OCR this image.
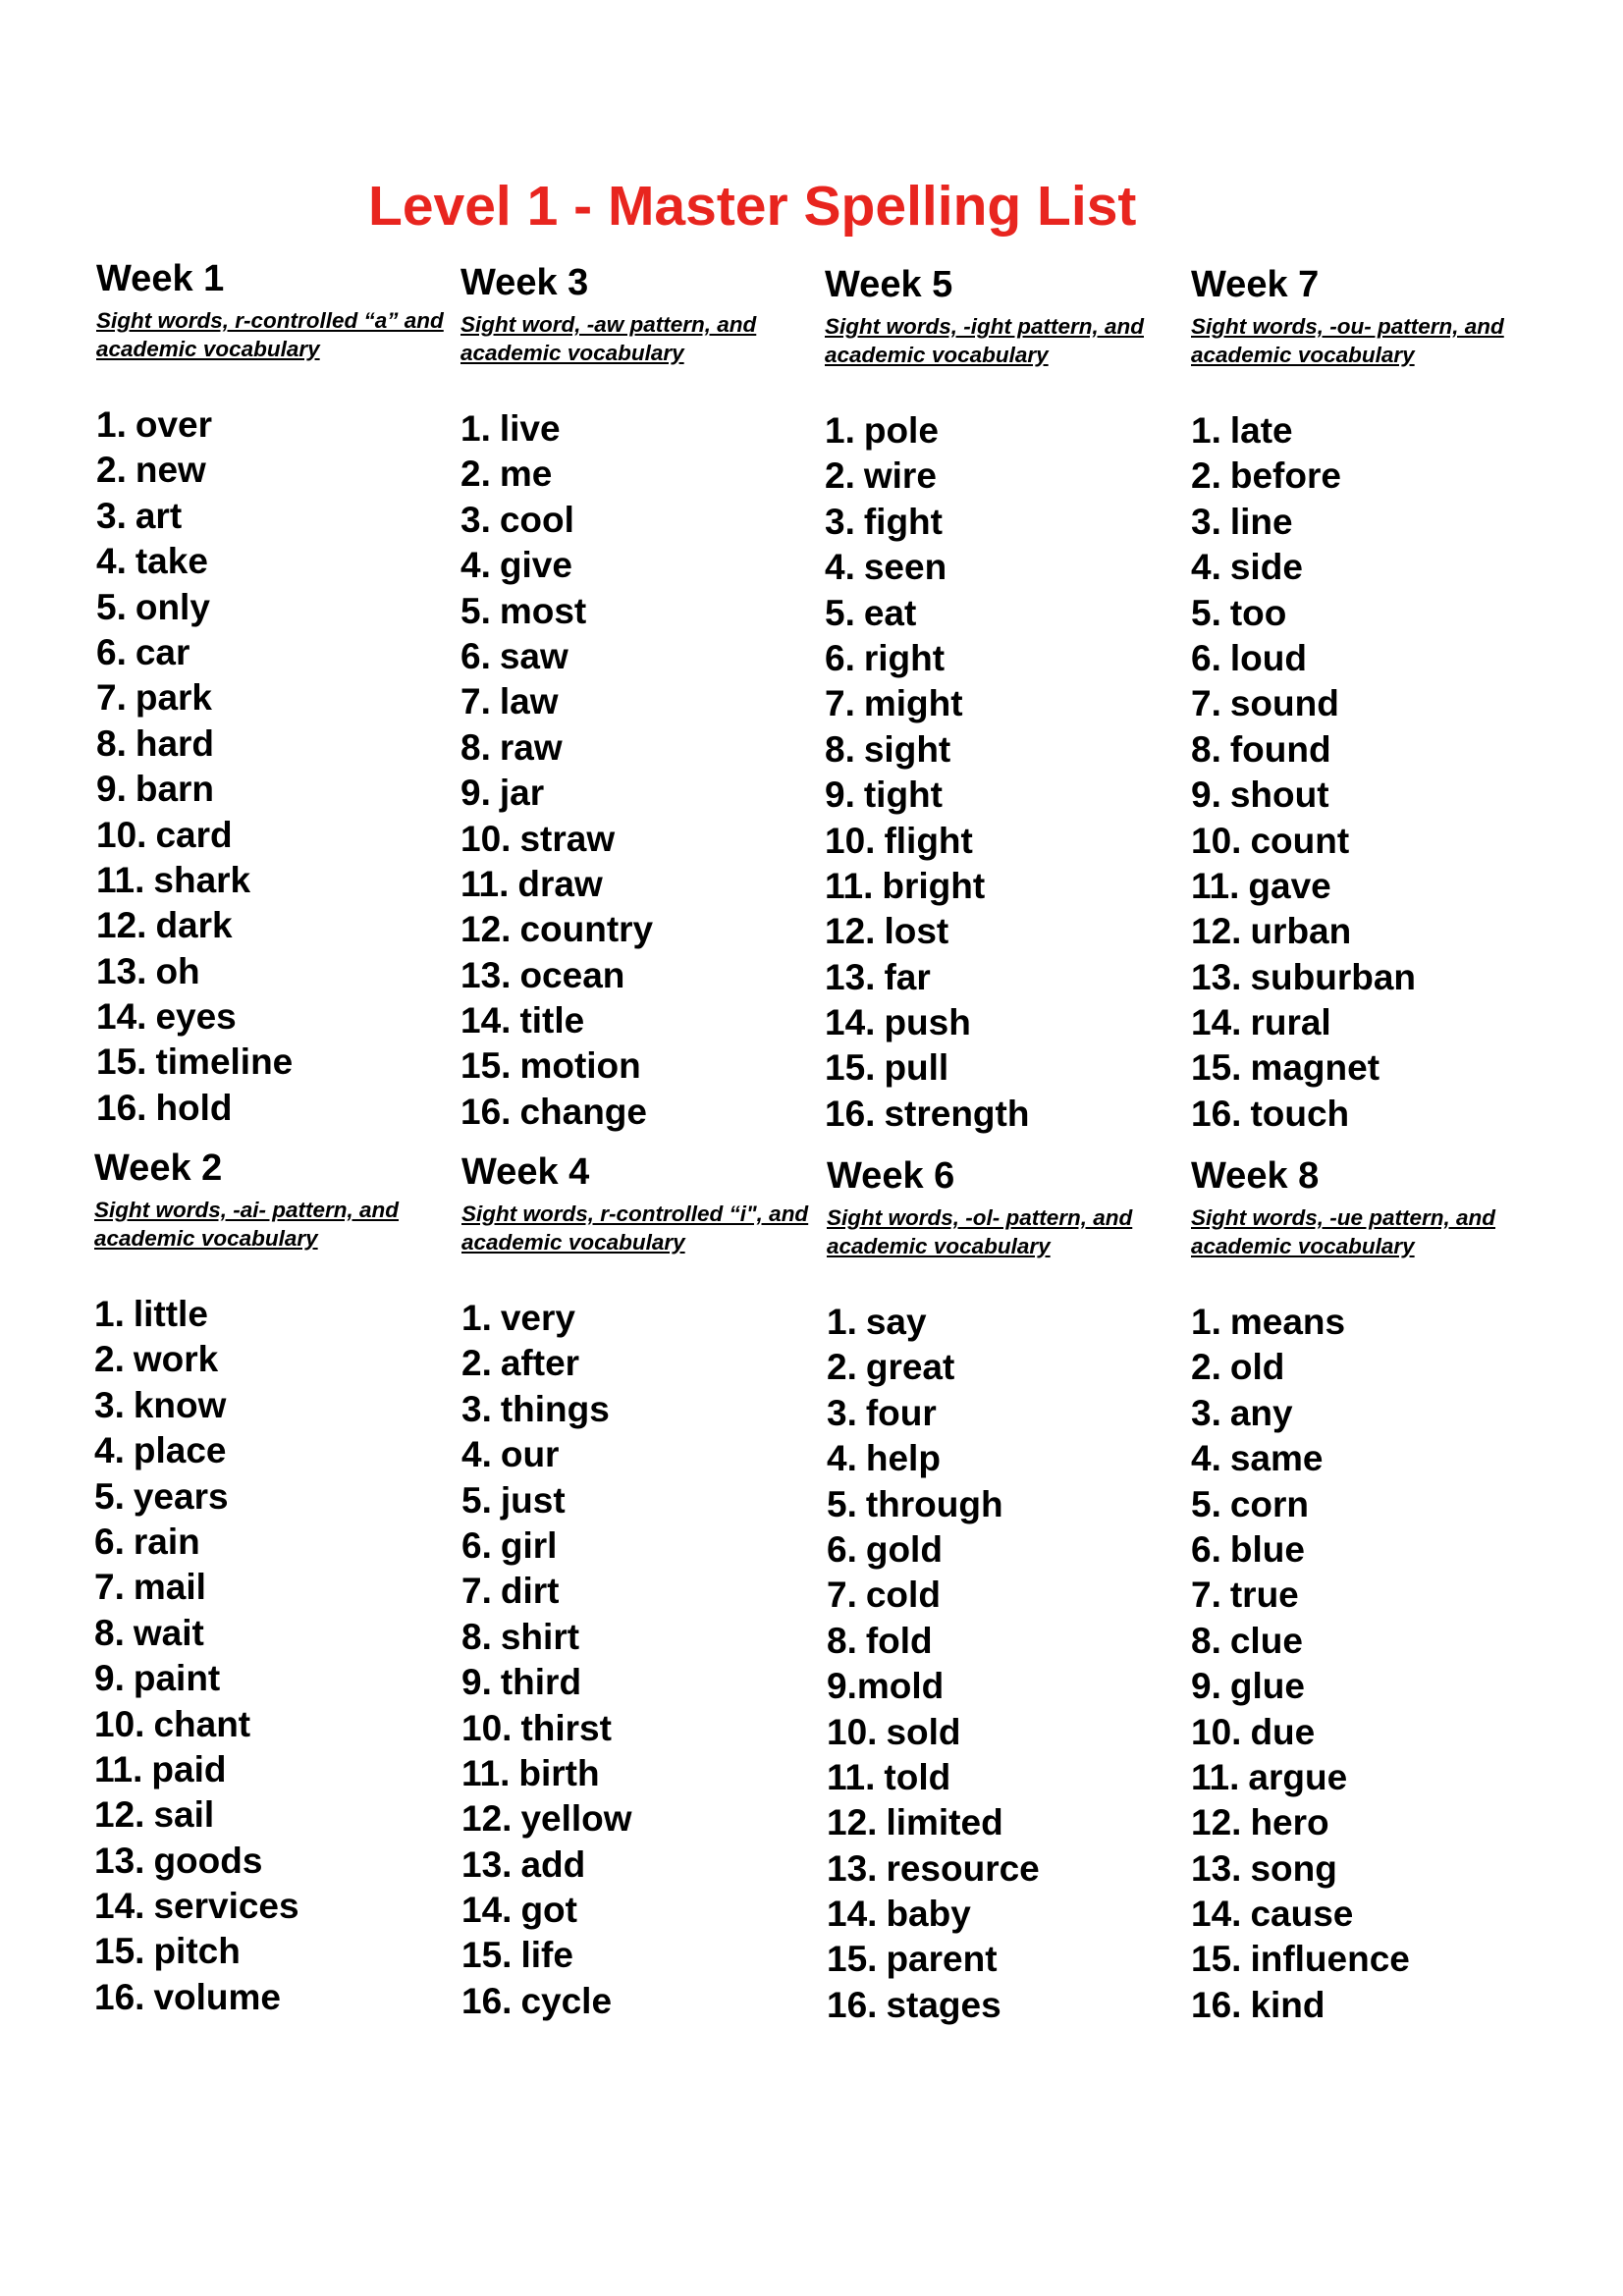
Level 1 - Master Spelling List
Week 1
Sight words, r-controlled “a” and academic vocabulary
1. over
2. new
3. art
4. take
5. only
6. car
7. park
8. hard
9. barn
10. card
11. shark
12. dark
13. oh
14. eyes
15. timeline
16. hold
Week 2
Sight words, -ai- pattern, and academic vocabulary
1. little
2. work
3. know
4. place
5. years
6. rain
7. mail
8. wait
9. paint
10. chant
11. paid
12. sail
13. goods
14. services
15. pitch
16. volume
Week 3
Sight word, -aw pattern, and academic vocabulary
1. live
2. me
3. cool
4. give
5. most
6. saw
7. law
8. raw
9. jar
10. straw
11. draw
12. country
13. ocean
14. title
15. motion
16. change
Week 4
Sight words, r-controlled “i", and academic vocabulary
1. very
2. after
3. things
4. our
5. just
6. girl
7. dirt
8. shirt
9. third
10. thirst
11. birth
12. yellow
13. add
14. got
15. life
16. cycle
Week 5
Sight words, -ight pattern, and academic vocabulary
1. pole
2. wire
3. fight
4. seen
5. eat
6. right
7. might
8. sight
9. tight
10. flight
11. bright
12. lost
13. far
14. push
15. pull
16. strength
Week 6
Sight words, -ol- pattern, and academic vocabulary
1. say
2. great
3. four
4. help
5. through
6. gold
7. cold
8. fold
9.mold
10. sold
11. told
12. limited
13. resource
14. baby
15. parent
16. stages
Week 7
Sight words, -ou- pattern, and academic vocabulary
1. late
2. before
3. line
4. side
5. too
6. loud
7. sound
8. found
9. shout
10. count
11. gave
12. urban
13. suburban
14. rural
15. magnet
16. touch
Week 8
Sight words, -ue pattern, and academic vocabulary
1. means
2. old
3. any
4. same
5. corn
6. blue
7. true
8. clue
9. glue
10. due
11. argue
12. hero
13. song
14. cause
15. influence
16. kind
